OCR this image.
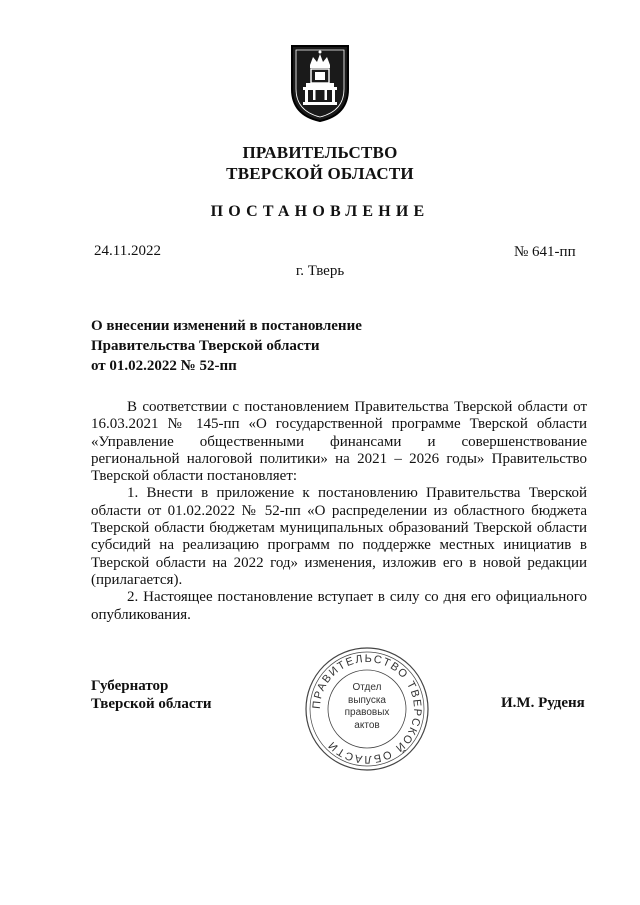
ПРАВИТЕЛЬСТВО
ТВЕРСКОЙ ОБЛАСТИ
ПОСТАНОВЛЕНИЕ
24.11.2022	№ 641-пп
г. Тверь
О внесении изменений в постановление
Правительства Тверской области
от 01.02.2022 № 52-пп

В соответствии с постановлением Правительства Тверской области от 16.03.2021 № 145-пп «О государственной программе Тверской области «Управление общественными финансами и совершенствование региональной налоговой политики» на 2021 – 2026 годы» Правительство Тверской области постановляет:

1. Внести в приложение к постановлению Правительства Тверской области от 01.02.2022 № 52-пп «О распределении из областного бюджета Тверской области бюджетам муниципальных образований Тверской области субсидий на реализацию программ по поддержке местных инициатив в Тверской области на 2022 год» изменения, изложив его в новой редакции (прилагается).

2. Настоящее постановление вступает в силу со дня его официального опубликования.

Губернатор
Тверской области	И.М. Руденя
ПРАВИТЕЛЬСТВО ТВЕРСКОЙ ОБЛАСТИ
Отдел
выпуска
правовых
актов
